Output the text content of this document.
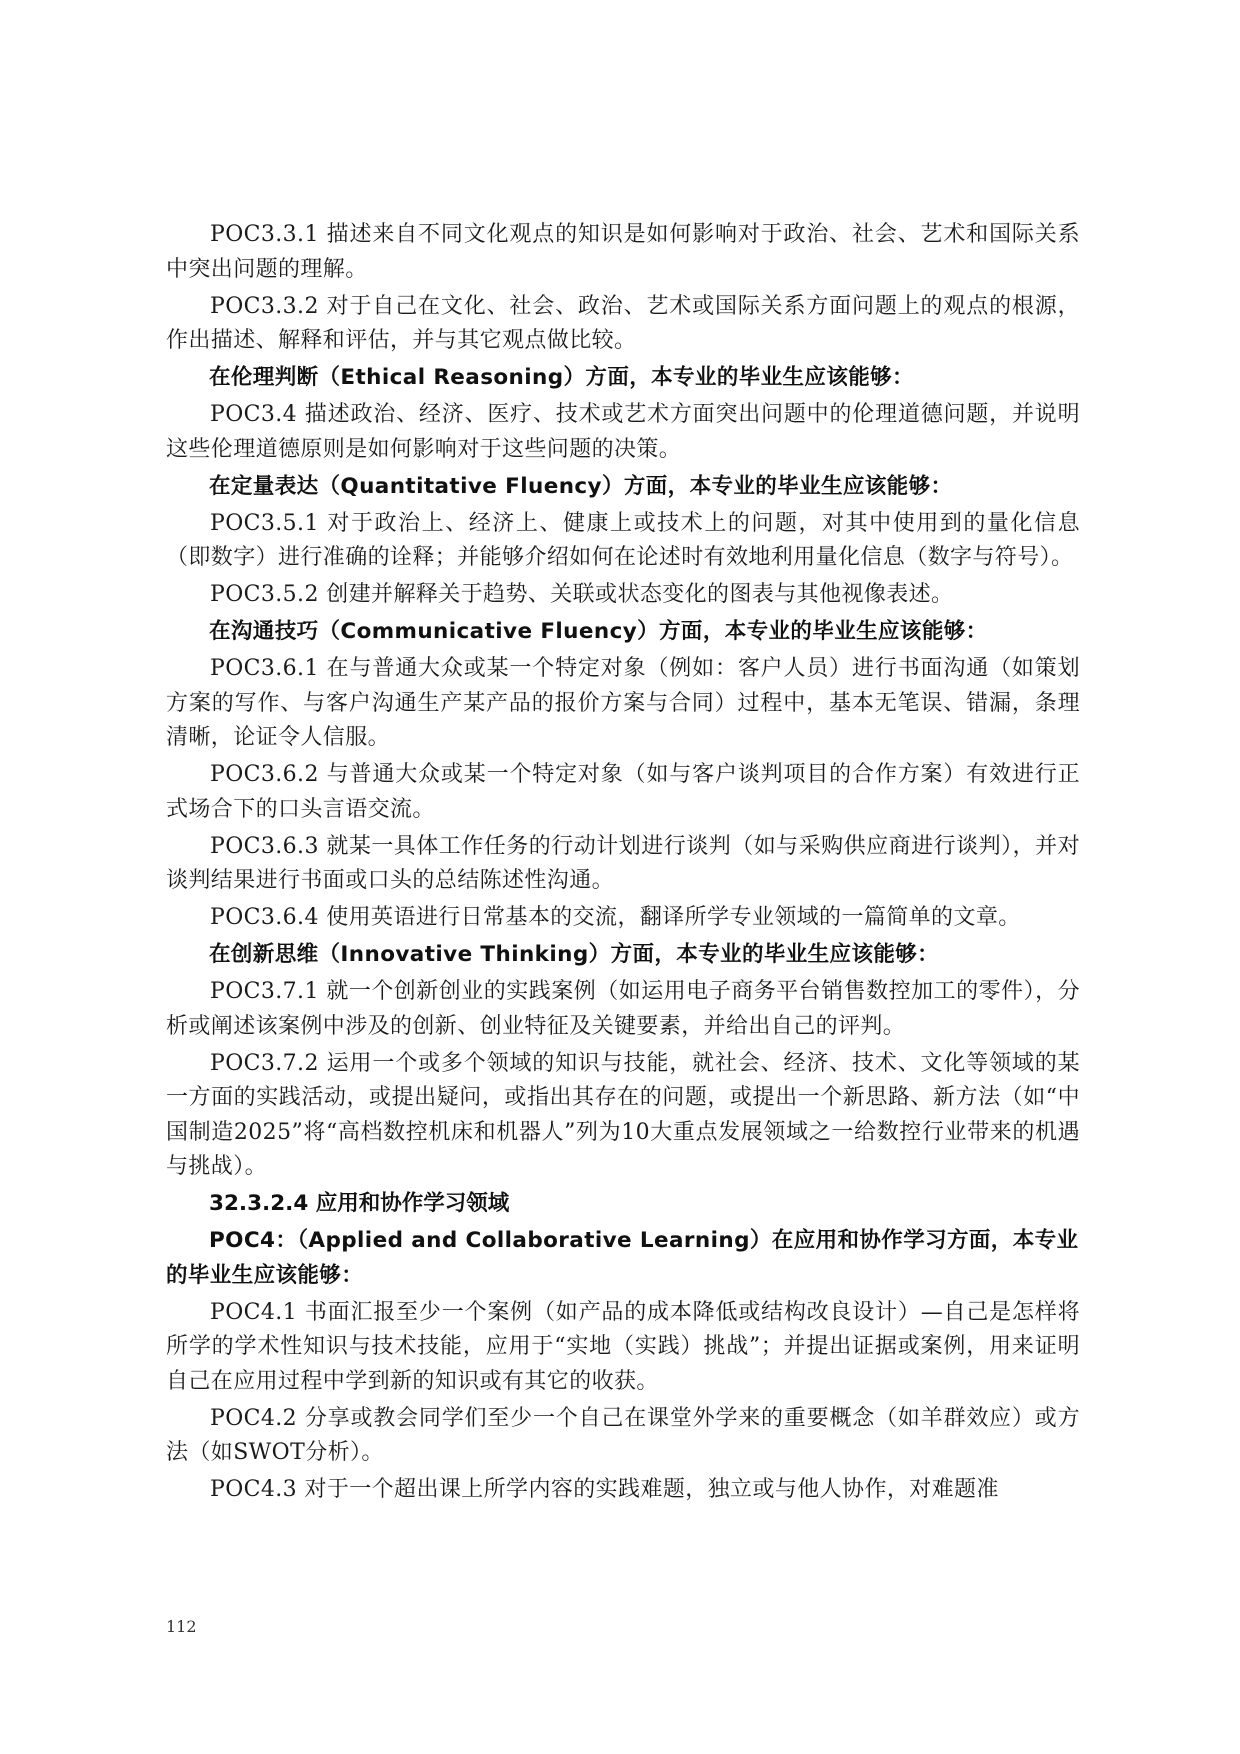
POC3.3.1 描述来自不同文化观点的知识是如何影响对于政治、社会、艺术和国际关系中突出问题的理解。

POC3.3.2 对于自己在文化、社会、政治、艺术或国际关系方面问题上的观点的根源，作出描述、解释和评估，并与其它观点做比较。

在伦理判断（Ethical Reasoning）方面，本专业的毕业生应该能够：

POC3.4 描述政治、经济、医疗、技术或艺术方面突出问题中的伦理道德问题，并说明这些伦理道德原则是如何影响对于这些问题的决策。

在定量表达（Quantitative Fluency）方面，本专业的毕业生应该能够：

POC3.5.1 对于政治上、经济上、健康上或技术上的问题，对其中使用到的量化信息（即数字）进行准确的诠释；并能够介绍如何在论述时有效地利用量化信息（数字与符号）。

POC3.5.2 创建并解释关于趋势、关联或状态变化的图表与其他视像表述。

在沟通技巧（Communicative Fluency）方面，本专业的毕业生应该能够：

POC3.6.1 在与普通大众或某一个特定对象（例如：客户人员）进行书面沟通（如策划方案的写作、与客户沟通生产某产品的报价方案与合同）过程中，基本无笔误、错漏，条理清晰，论证令人信服。

POC3.6.2 与普通大众或某一个特定对象（如与客户谈判项目的合作方案）有效进行正式场合下的口头言语交流。

POC3.6.3 就某一具体工作任务的行动计划进行谈判（如与采购供应商进行谈判），并对谈判结果进行书面或口头的总结陈述性沟通。

POC3.6.4 使用英语进行日常基本的交流，翻译所学专业领域的一篇简单的文章。

在创新思维（Innovative Thinking）方面，本专业的毕业生应该能够：

POC3.7.1 就一个创新创业的实践案例（如运用电子商务平台销售数控加工的零件），分析或阐述该案例中涉及的创新、创业特征及关键要素，并给出自己的评判。

POC3.7.2 运用一个或多个领域的知识与技能，就社会、经济、技术、文化等领域的某一方面的实践活动，或提出疑问，或指出其存在的问题，或提出一个新思路、新方法（如“中国制造2025”将“高档数控机床和机器人”列为10大重点发展领域之一给数控行业带来的机遇与挑战）。

32.3.2.4 应用和协作学习领域

POC4：（Applied and Collaborative Learning）在应用和协作学习方面，本专业的毕业生应该能够：

POC4.1 书面汇报至少一个案例（如产品的成本降低或结构改良设计）—自己是怎样将所学的学术性知识与技术技能，应用于“实地（实践）挑战”；并提出证据或案例，用来证明自己在应用过程中学到新的知识或有其它的收获。

POC4.2 分享或教会同学们至少一个自己在课堂外学来的重要概念（如羊群效应）或方法（如SWOT分析）。

POC4.3 对于一个超出课上所学内容的实践难题，独立或与他人协作，对难题准

112
